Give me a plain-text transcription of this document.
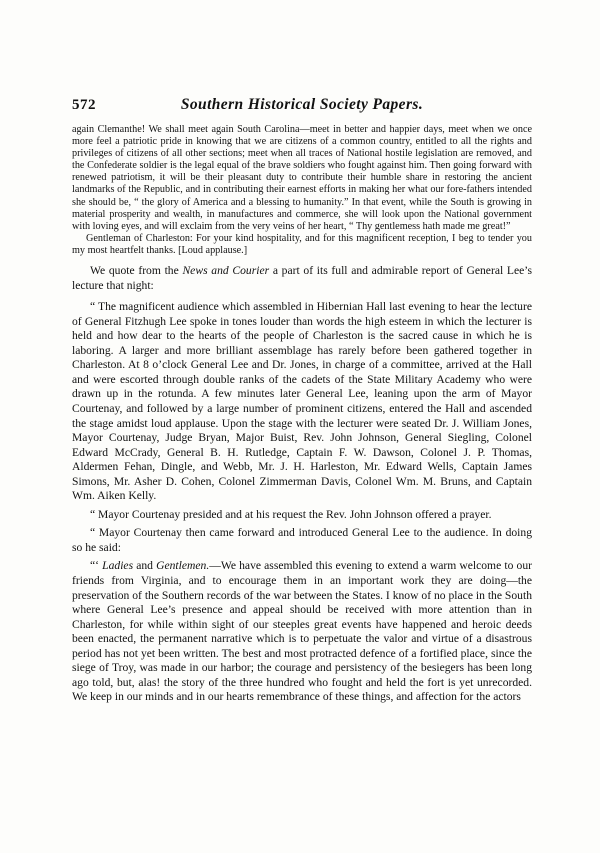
572	Southern Historical Society Papers.

again Clemanthe! We shall meet again South Carolina—meet in better and happier days, meet when we once more feel a patriotic pride in knowing that we are citizens of a common country, entitled to all the rights and privileges of citizens of all other sections; meet when all traces of National hostile legislation are removed, and the Confederate soldier is the legal equal of the brave soldiers who fought against him. Then going forward with renewed patriotism, it will be their pleasant duty to contribute their humble share in restoring the ancient landmarks of the Republic, and in contributing their earnest efforts in making her what our fore-fathers intended she should be, “ the glory of America and a blessing to humanity.” In that event, while the South is growing in material prosperity and wealth, in manufactures and commerce, she will look upon the National government with loving eyes, and will exclaim from the very veins of her heart, “ Thy gentlemess hath made me great!”

Gentleman of Charleston: For your kind hospitality, and for this magnificent reception, I beg to tender you my most heartfelt thanks. [Loud applause.]

We quote from the News and Courier a part of its full and admirable report of General Lee’s lecture that night:

“ The magnificent audience which assembled in Hibernian Hall last evening to hear the lecture of General Fitzhugh Lee spoke in tones louder than words the high esteem in which the lecturer is held and how dear to the hearts of the people of Charleston is the sacred cause in which he is laboring. A larger and more brilliant assemblage has rarely before been gathered together in Charleston. At 8 o’clock General Lee and Dr. Jones, in charge of a committee, arrived at the Hall and were escorted through double ranks of the cadets of the State Military Academy who were drawn up in the rotunda. A few minutes later General Lee, leaning upon the arm of Mayor Courtenay, and followed by a large number of prominent citizens, entered the Hall and ascended the stage amidst loud applause. Upon the stage with the lecturer were seated Dr. J. William Jones, Mayor Courtenay, Judge Bryan, Major Buist, Rev. John Johnson, General Siegling, Colonel Edward McCrady, General B. H. Rutledge, Captain F. W. Dawson, Colonel J. P. Thomas, Aldermen Fehan, Dingle, and Webb, Mr. J. H. Harleston, Mr. Edward Wells, Captain James Simons, Mr. Asher D. Cohen, Colonel Zimmerman Davis, Colonel Wm. M. Bruns, and Captain Wm. Aiken Kelly.

“ Mayor Courtenay presided and at his request the Rev. John Johnson offered a prayer.

“ Mayor Courtenay then came forward and introduced General Lee to the audience. In doing so he said:

“‘ Ladies and Gentlemen.—We have assembled this evening to extend a warm welcome to our friends from Virginia, and to encourage them in an important work they are doing—the preservation of the Southern records of the war between the States. I know of no place in the South where General Lee’s presence and appeal should be received with more attention than in Charleston, for while within sight of our steeples great events have happened and heroic deeds been enacted, the permanent narrative which is to perpetuate the valor and virtue of a disastrous period has not yet been written. The best and most protracted defence of a fortified place, since the siege of Troy, was made in our harbor; the courage and persistency of the besiegers has been long ago told, but, alas! the story of the three hundred who fought and held the fort is yet unrecorded. We keep in our minds and in our hearts remembrance of these things, and affection for the actors
